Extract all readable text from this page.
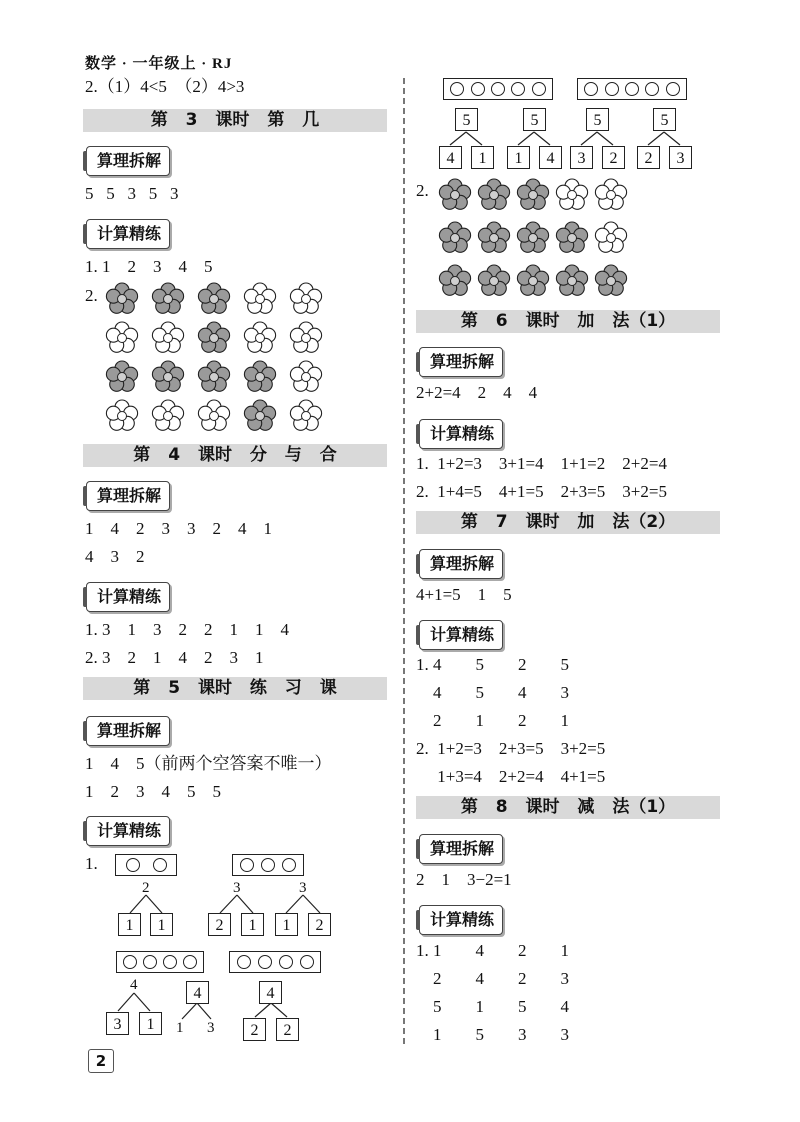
数学 · 一年级上 · RJ
2.（1）4<5  （2）4>3
第 3 课时 第 几
算理拆解
5   5   3   5   3
计算精练
1. 1    2    3    4    5
2.
第 4 课时 分 与 合
算理拆解
1    4    2    3    3    2    4    1
4    3    2
计算精练
1. 3    1    3    2    2    1    1    4
2. 3    2    1    4    2    3    1
第 5 课时 练 习 课
算理拆解
1    4    5（前两个空答案不唯一）
1    2    3    4    5    5
计算精练
1.
2
1	1
3
2	1
3
1	2
4
3	1
4
1 3
4
2	2
2
5
4	1
5
1	4
5
3	2
5
2	3
2.
第 6 课时 加 法（1）
算理拆解
2+2=4    2    4    4
计算精练
1.  1+2=3    3+1=4    1+1=2    2+2=4
2.  1+4=5    4+1=5    2+3=5    3+2=5
第 7 课时 加 法（2）
算理拆解
4+1=5    1    5
计算精练
1. 4        5        2        5
4        5        4        3
2        1        2        1
2.  1+2=3    2+3=5    3+2=5
1+3=4    2+2=4    4+1=5
第 8 课时 减 法（1）
算理拆解
2    1    3−2=1
计算精练
1. 1        4        2        1
2        4        2        3
5        1        5        4
1        5        3        3
